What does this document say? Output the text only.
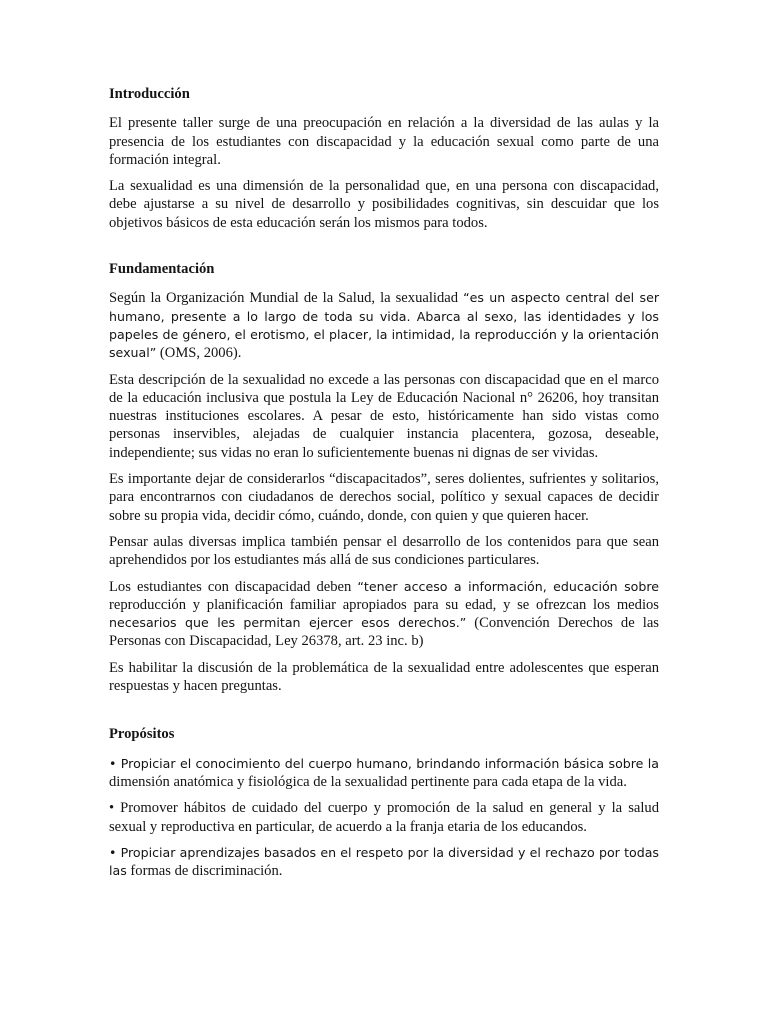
Introducción

El presente taller surge de una preocupación en relación a la diversidad de las aulas y la presencia de los estudiantes con discapacidad y la educación sexual como parte de una formación integral.

La sexualidad es una dimensión de la personalidad que, en una persona con discapacidad, debe ajustarse a su nivel de desarrollo y posibilidades cognitivas, sin descuidar que los objetivos básicos de esta educación serán los mismos para todos.

Fundamentación

Según la Organización Mundial de la Salud, la sexualidad “es un aspecto central del ser humano, presente a lo largo de toda su vida. Abarca al sexo, las identidades y los papeles de género, el erotismo, el placer, la intimidad, la reproducción y la orientación sexual” (OMS, 2006).

Esta descripción de la sexualidad no excede a las personas con discapacidad que en el marco de la educación inclusiva que postula la Ley de Educación Nacional n° 26206, hoy transitan nuestras instituciones escolares. A pesar de esto, históricamente han sido vistas como personas inservibles, alejadas de cualquier instancia placentera, gozosa, deseable, independiente; sus vidas no eran lo suficientemente buenas ni dignas de ser vividas.

Es importante dejar de considerarlos “discapacitados”, seres dolientes, sufrientes y solitarios, para encontrarnos con ciudadanos de derechos social, político y sexual capaces de decidir sobre su propia vida, decidir cómo, cuándo, donde, con quien y que quieren hacer.

Pensar aulas diversas implica también pensar el desarrollo de los contenidos para que sean aprehendidos por los estudiantes más allá de sus condiciones particulares.

Los estudiantes con discapacidad deben “tener acceso a información, educación sobre reproducción y planificación familiar apropiados para su edad, y se ofrezcan los medios necesarios que les permitan ejercer esos derechos.” (Convención Derechos de las Personas con Discapacidad, Ley 26378, art. 23 inc. b)

Es habilitar la discusión de la problemática de la sexualidad entre adolescentes que esperan respuestas y hacen preguntas.

Propósitos

• Propiciar el conocimiento del cuerpo humano, brindando información básica sobre la dimensión anatómica y fisiológica de la sexualidad pertinente para cada etapa de la vida.

• Promover hábitos de cuidado del cuerpo y promoción de la salud en general y la salud sexual y reproductiva en particular, de acuerdo a la franja etaria de los educandos.

• Propiciar aprendizajes basados en el respeto por la diversidad y el rechazo por todas las formas de discriminación.
